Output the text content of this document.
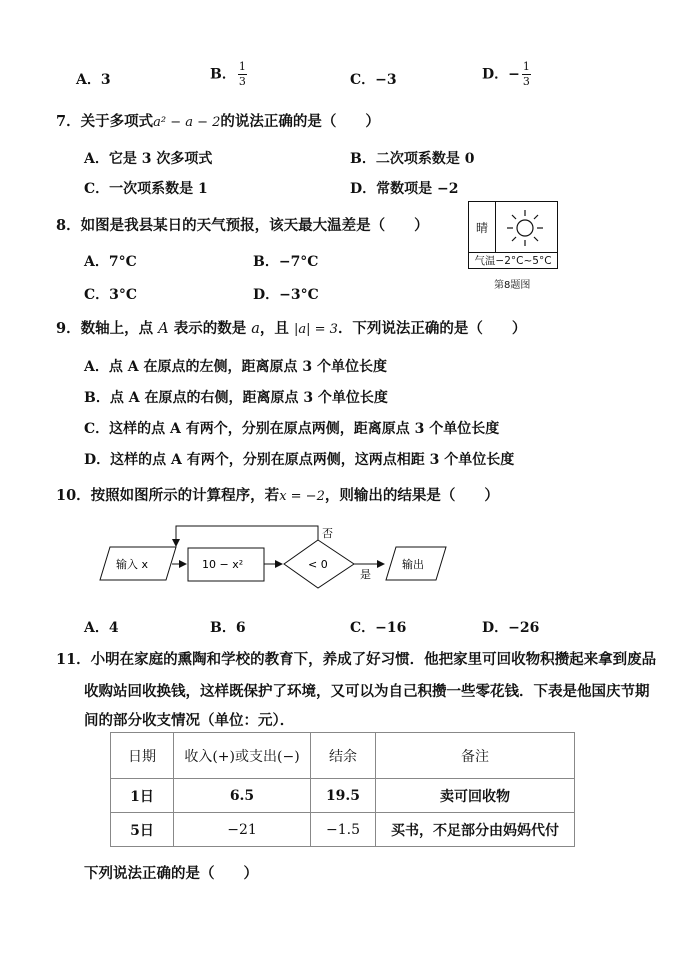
A．3	B． $\frac{1}{3}$	C．−3	D．− $\frac{1}{3}$
7．关于多项式a² − a − 2的说法正确的是（　　）
A．它是 3 次多项式	B．二次项系数是 0
C．一次项系数是 1	D．常数项是 −2
8．如图是我县某日的天气预报，该天最大温差是（　　）
A．7°C	B．−7°C
C．3°C	D．−3°C
晴
气温−2°C~5°C
第8题图
9．数轴上，点 A 表示的数是 a，且 |a| = 3．下列说法正确的是（　　）
A．点 A 在原点的左侧，距离原点 3 个单位长度
B．点 A 在原点的右侧，距离原点 3 个单位长度
C．这样的点 A 有两个，分别在原点两侧，距离原点 3 个单位长度
D．这样的点 A 有两个，分别在原点两侧，这两点相距 3 个单位长度
10．按照如图所示的计算程序，若x = −2，则输出的结果是（　　）
输入 x	10 − x²	< 0
否
是
输出
A．4	B．6	C．−16	D．−26
11．小明在家庭的熏陶和学校的教育下，养成了好习惯．他把家里可回收物积攒起来拿到废品
收购站回收换钱，这样既保护了环境，又可以为自己积攒一些零花钱．下表是他国庆节期
间的部分收支情况（单位：元）．
日期	收入(+)或支出(−)	结余	备注
1日	6.5	19.5	卖可回收物
5日	−21	−1.5	买书，不足部分由妈妈代付
下列说法正确的是（　　）
